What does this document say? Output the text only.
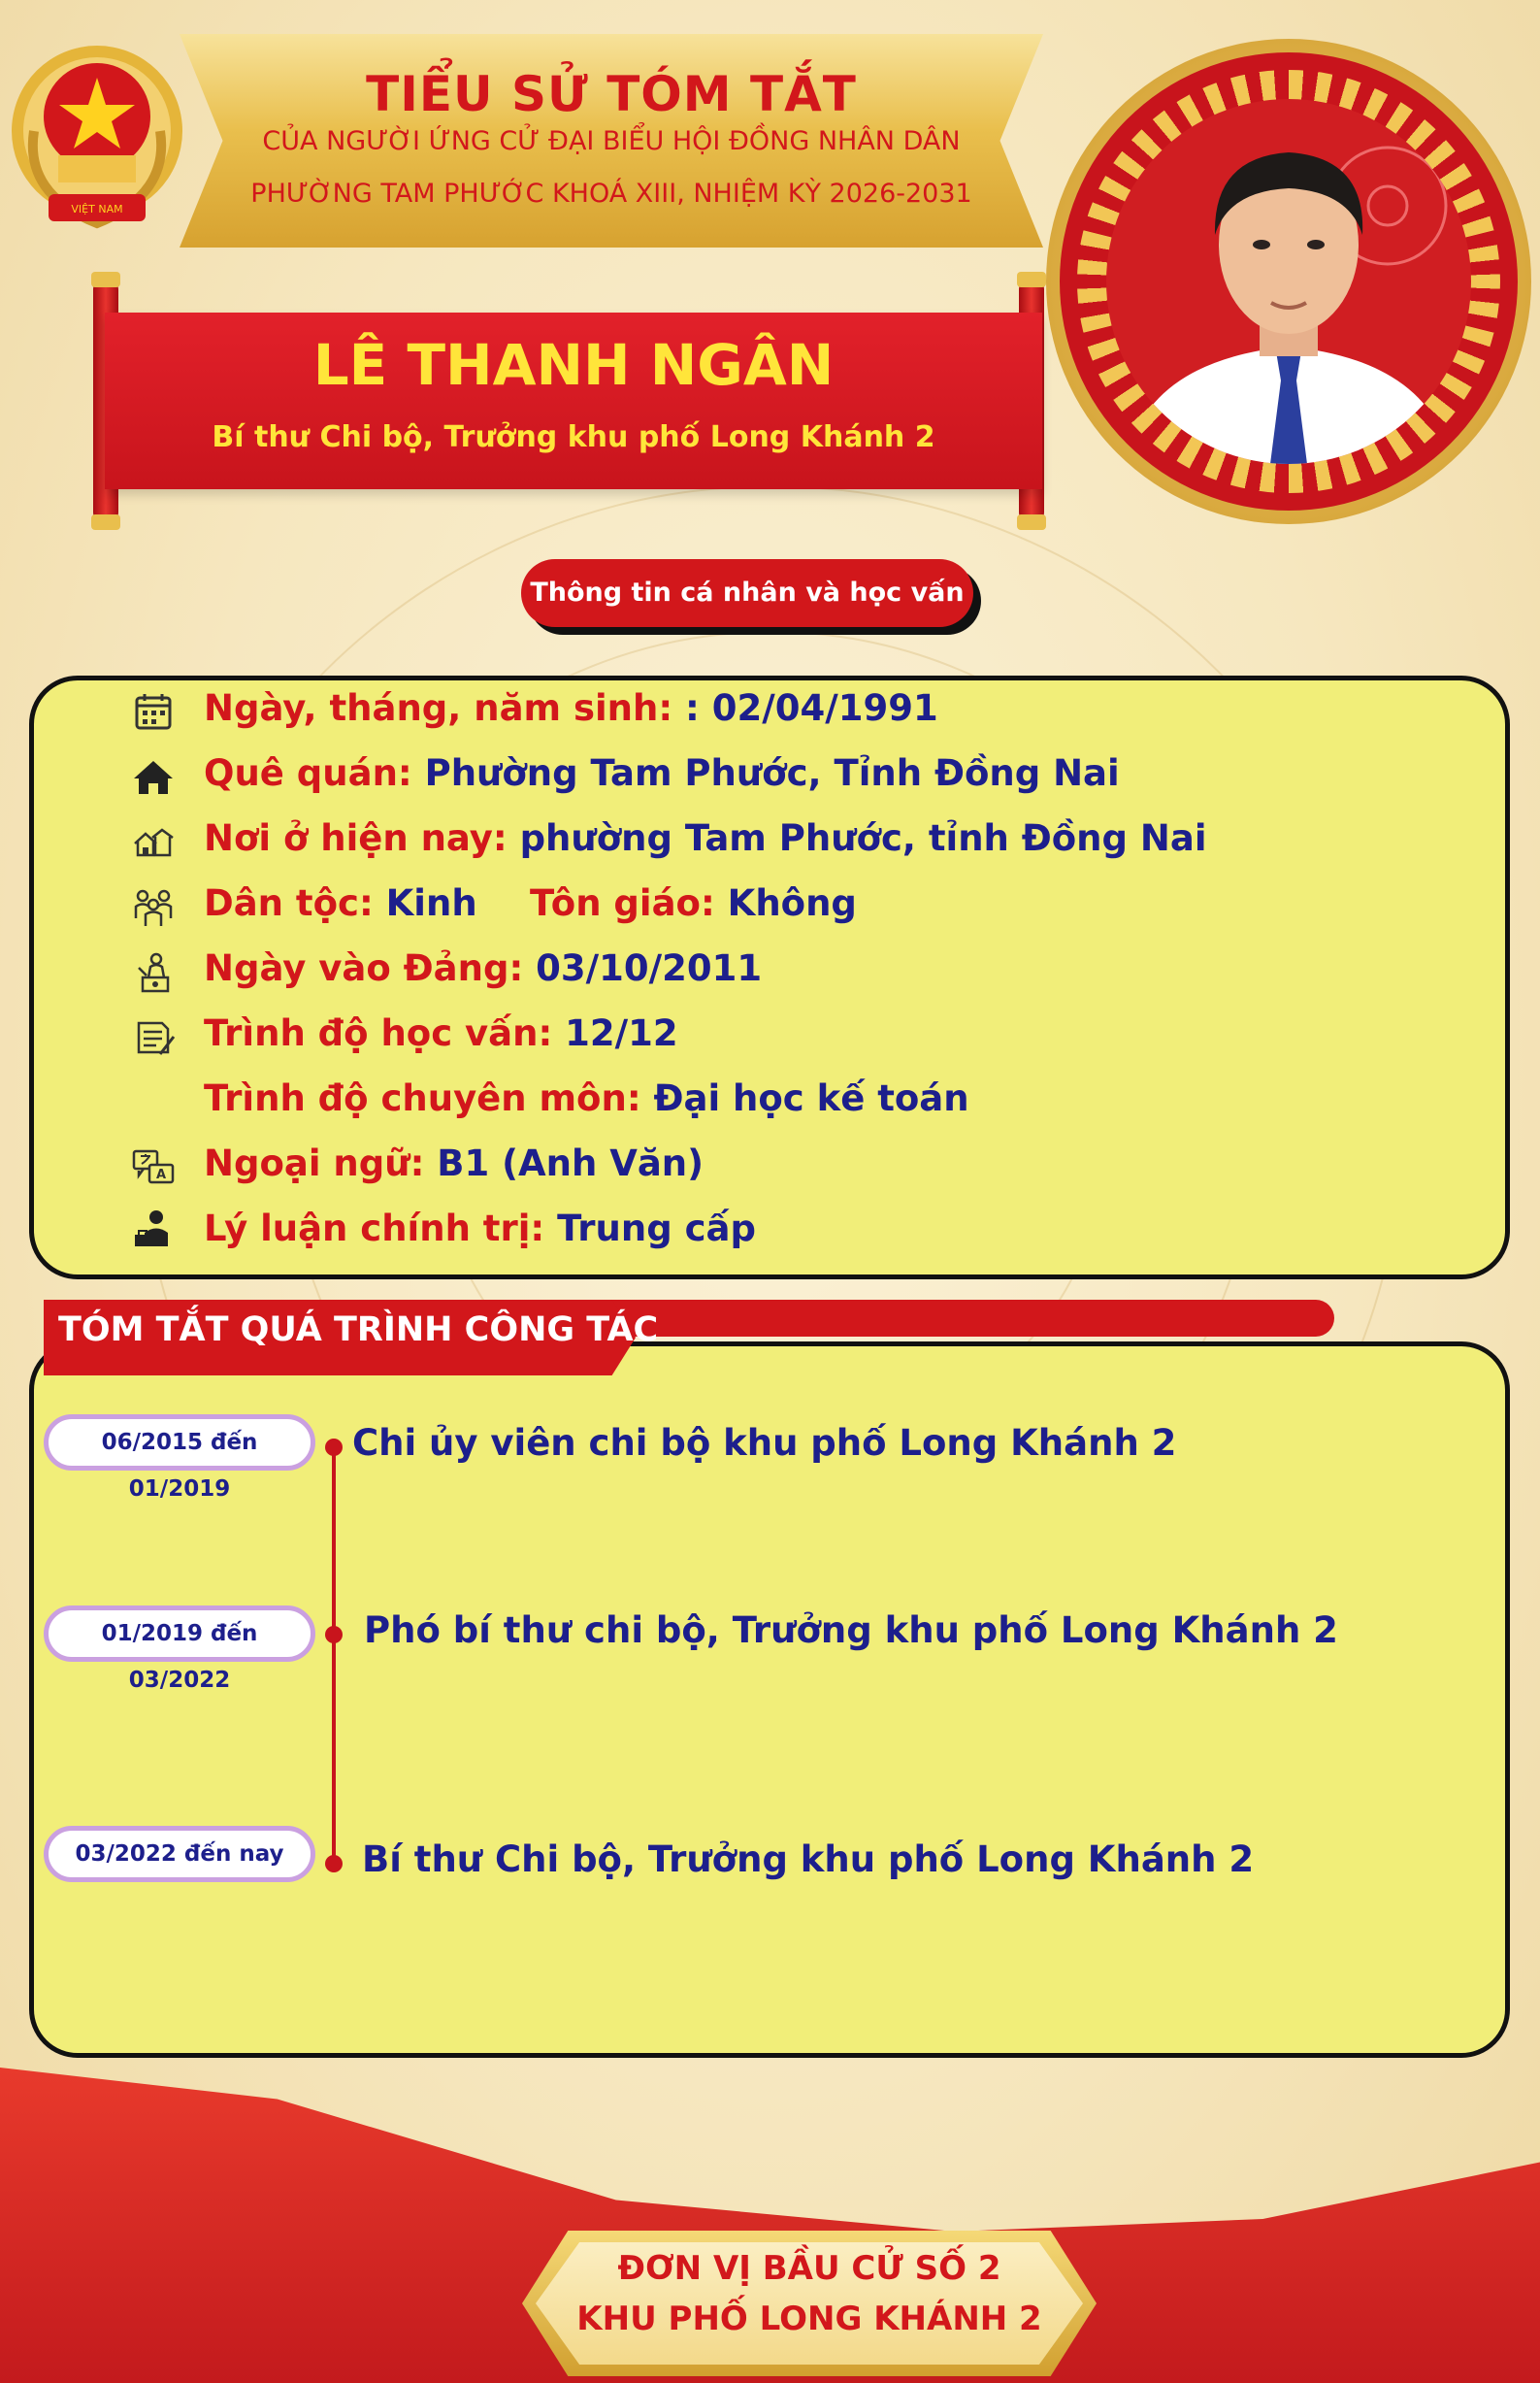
VIỆT NAM
TIỂU SỬ TÓM TẮT
CỦA NGƯỜI ỨNG CỬ ĐẠI BIỂU HỘI ĐỒNG NHÂN DÂN
PHƯỜNG TAM PHƯỚC KHOÁ XIII, NHIỆM KỲ 2026-2031
LÊ THANH NGÂN
Bí thư Chi bộ, Trưởng khu phố Long Khánh 2
Thông tin cá nhân và học vấn
Ngày, tháng, năm sinh: : 02/04/1991
Quê quán: Phường Tam Phước, Tỉnh Đồng Nai
Nơi ở hiện nay: phường Tam Phước, tỉnh Đồng Nai
Dân tộc: Kinh Tôn giáo: Không
Ngày vào Đảng: 03/10/2011
Trình độ học vấn: 12/12
Trình độ chuyên môn: Đại học kế toán
A Ngoại ngữ: B1 (Anh Văn)
Lý luận chính trị: Trung cấp
TÓM TẮT QUÁ TRÌNH CÔNG TÁC
06/2015 đến 01/2019
Chi ủy viên chi bộ khu phố Long Khánh 2
01/2019 đến 03/2022
Phó bí thư chi bộ, Trưởng khu phố Long Khánh 2
03/2022 đến nay	Bí thư Chi bộ, Trưởng khu phố Long Khánh 2
ĐƠN VỊ BẦU CỬ SỐ 2
KHU PHỐ LONG KHÁNH 2
